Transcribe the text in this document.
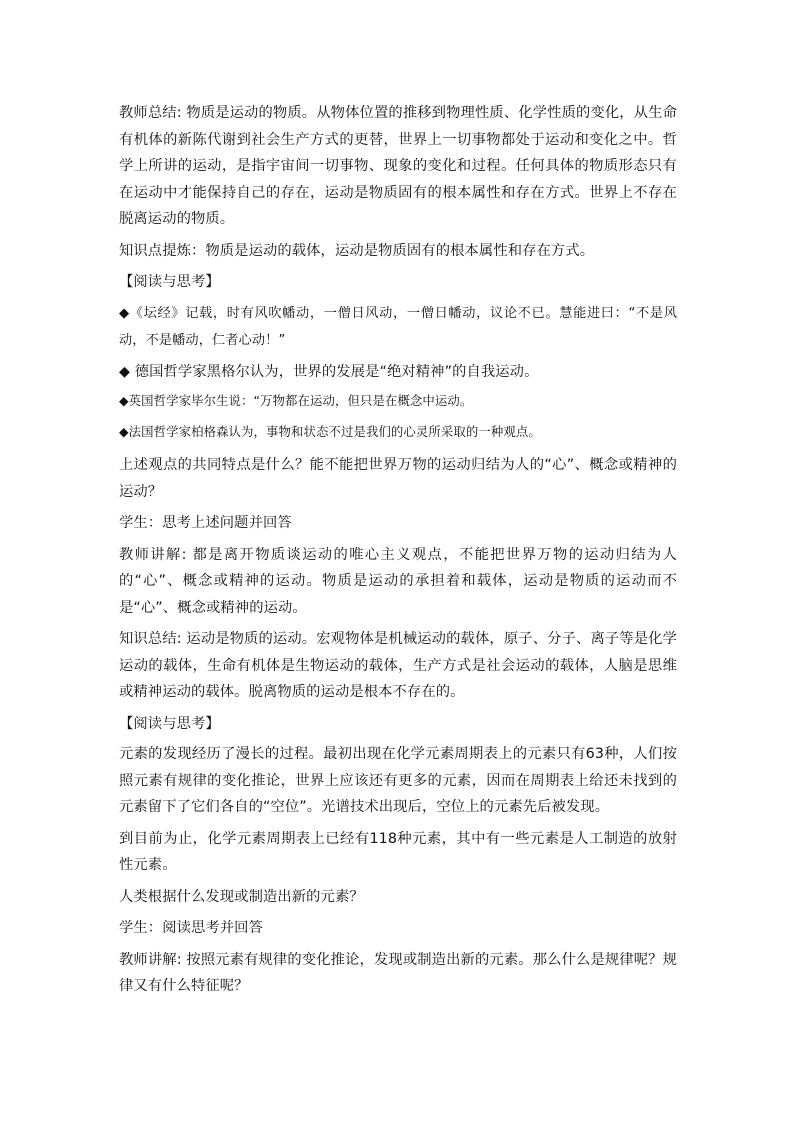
教师总结: 物质是运动的物质。从物体位置的推移到物理性质、化学性质的变化，从生命有机体的新陈代谢到社会生产方式的更替，世界上一切事物都处于运动和变化之中。哲学上所讲的运动，是指宇宙间一切事物、现象的变化和过程。任何具体的物质形态只有在运动中才能保持自己的存在，运动是物质固有的根本属性和存在方式。世界上不存在脱离运动的物质。

知识点提炼：物质是运动的载体，运动是物质固有的根本属性和存在方式。

【阅读与思考】

◆《坛经》记载，时有风吹幡动，一僧日风动，一僧日幡动，议论不已。慧能进曰：“不是风动，不是幡动，仁者心动！”

◆ 德国哲学家黑格尔认为，世界的发展是“绝对精神”的自我运动。

◆英国哲学家毕尔生说：“万物都在运动，但只是在概念中运动。

◆法国哲学家柏格森认为，事物和状态不过是我们的心灵所采取的一种观点。

上述观点的共同特点是什么？能不能把世界万物的运动归结为人的“心”、概念或精神的运动？

学生：思考上述问题并回答

教师讲解: 都是离开物质谈运动的唯心主义观点，不能把世界万物的运动归结为人的“心”、概念或精神的运动。物质是运动的承担着和载体，运动是物质的运动而不是“心”、概念或精神的运动。

知识总结: 运动是物质的运动。宏观物体是机械运动的载体，原子、分子、离子等是化学运动的载体，生命有机体是生物运动的载体，生产方式是社会运动的载体，人脑是思维或精神运动的载体。脱离物质的运动是根本不存在的。

【阅读与思考】

元素的发现经历了漫长的过程。最初出现在化学元素周期表上的元素只有63种，人们按照元素有规律的变化推论，世界上应该还有更多的元素，因而在周期表上给还未找到的元素留下了它们各自的“空位”。光谱技术出现后，空位上的元素先后被发现。

到目前为止，化学元素周期表上已经有118种元素，其中有一些元素是人工制造的放射性元素。

人类根据什么发现或制造出新的元素？

学生：阅读思考并回答

教师讲解: 按照元素有规律的变化推论，发现或制造出新的元素。那么什么是规律呢？规律又有什么特征呢？
